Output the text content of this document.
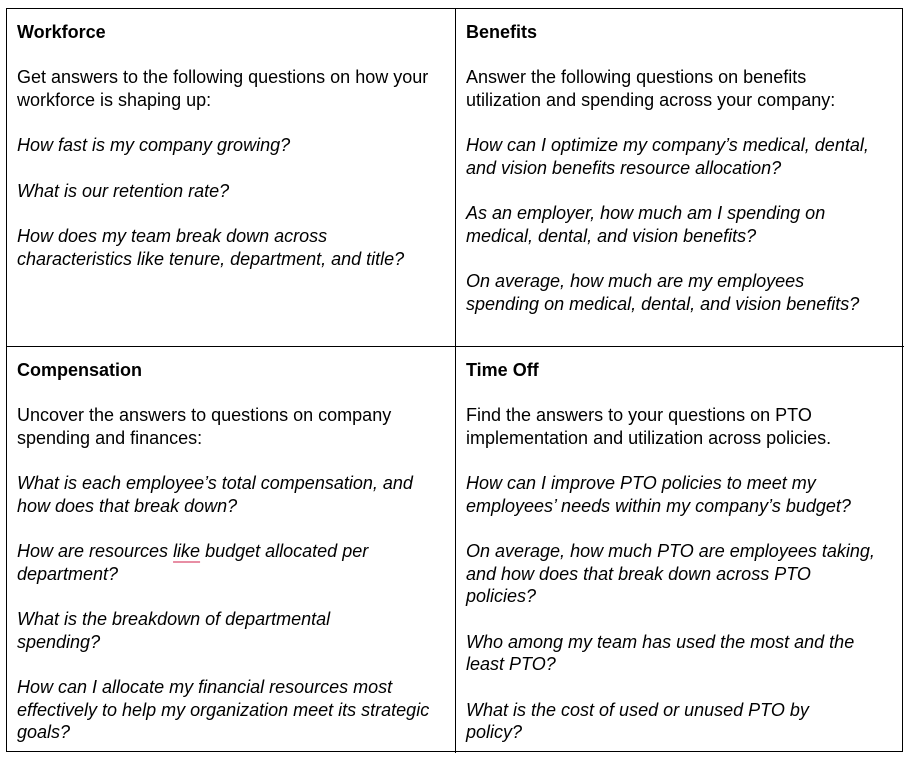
Workforce
Get answers to the following questions on how your workforce is shaping up:
How fast is my company growing?
What is our retention rate?
How does my team break down across characteristics like tenure, department, and title?
Benefits
Answer the following questions on benefits utilization and spending across your company:
How can I optimize my company’s medical, dental, and vision benefits resource allocation?
As an employer, how much am I spending on medical, dental, and vision benefits?
On average, how much are my employees spending on medical, dental, and vision benefits?
Compensation
Uncover the answers to questions on company spending and finances:
What is each employee’s total compensation, and how does that break down?
How are resources like budget allocated per department?
What is the breakdown of departmental spending?
How can I allocate my financial resources most effectively to help my organization meet its strategic goals?
Time Off
Find the answers to your questions on PTO implementation and utilization across policies.
How can I improve PTO policies to meet my employees’ needs within my company’s budget?
On average, how much PTO are employees taking, and how does that break down across PTO policies?
Who among my team has used the most and the least PTO?
What is the cost of used or unused PTO by policy?
